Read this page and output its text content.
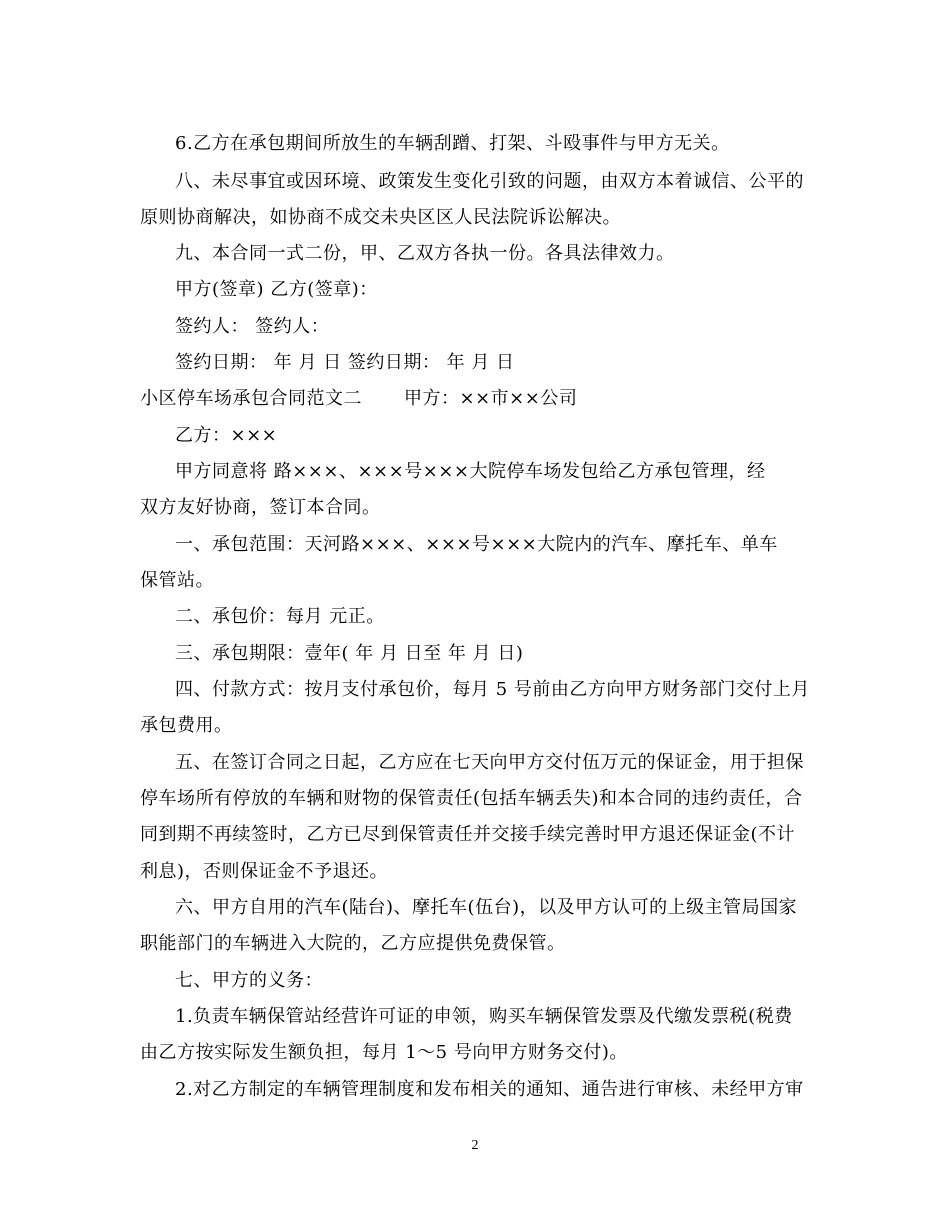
6.乙方在承包期间所放生的车辆刮蹭、打架、斗殴事件与甲方无关。
八、未尽事宜或因环境、政策发生变化引致的问题，由双方本着诚信、公平的
原则协商解决，如协商不成交未央区区人民法院诉讼解决。
九、本合同一式二份，甲、乙双方各执一份。各具法律效力。
甲方(签章) 乙方(签章)：
签约人： 签约人：
签约日期： 年 月 日 签约日期： 年 月 日
小区停车场承包合同范文二 甲方：××市××公司
乙方：×××
甲方同意将 路×××、×××号×××大院停车场发包给乙方承包管理，经
双方友好协商，签订本合同。
一、承包范围：天河路×××、×××号×××大院内的汽车、摩托车、单车
保管站。
二、承包价：每月 元正。
三、承包期限：壹年( 年 月 日至 年 月 日)
四、付款方式：按月支付承包价，每月 5 号前由乙方向甲方财务部门交付上月
承包费用。
五、在签订合同之日起，乙方应在七天向甲方交付伍万元的保证金，用于担保
停车场所有停放的车辆和财物的保管责任(包括车辆丢失)和本合同的违约责任，合
同到期不再续签时，乙方已尽到保管责任并交接手续完善时甲方退还保证金(不计
利息)，否则保证金不予退还。
六、甲方自用的汽车(陆台)、摩托车(伍台)，以及甲方认可的上级主管局国家
职能部门的车辆进入大院的，乙方应提供免费保管。
七、甲方的义务：
1.负责车辆保管站经营许可证的申领，购买车辆保管发票及代缴发票税(税费
由乙方按实际发生额负担，每月 1～5 号向甲方财务交付)。
2.对乙方制定的车辆管理制度和发布相关的通知、通告进行审核、未经甲方审
2
